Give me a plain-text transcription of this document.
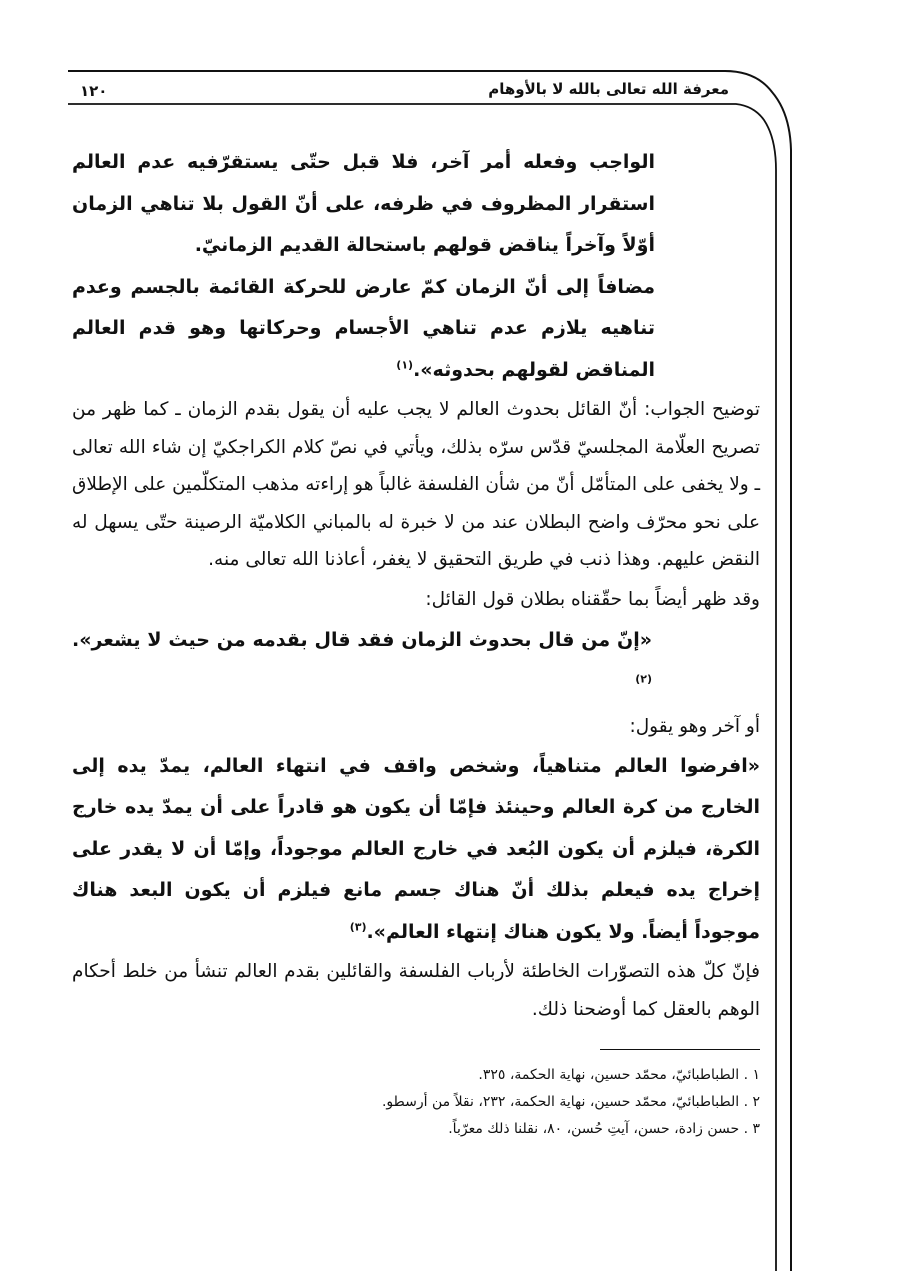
معرفة الله تعالى بالله لا بالأوهام
١٢٠

الواجب وفعله أمر آخر، فلا قبل حتّى يستقرّفيه عدم العالم استقرار المظروف في ظرفه، على أنّ القول بلا تناهي الزمان أوّلاً وآخراً يناقض قولهم باستحالة القديم الزمانيّ.

مضافاً إلى أنّ الزمان كمّ عارض للحركة القائمة بالجسم وعدم تناهيه يلازم عدم تناهي الأجسام وحركاتها وهو قدم العالم المناقض لقولهم بحدوثه».$^{(١)}$

توضيح الجواب: أنّ القائل بحدوث العالم لا يجب عليه أن يقول بقدم الزمان ـ كما ظهر من تصريح العلّامة المجلسيّ قدّس سرّه بذلك، ويأتي في نصّ كلام الكراجكيّ إن شاء الله تعالى ـ ولا يخفى على المتأمّل أنّ من شأن الفلسفة غالباً هو إراءته مذهب المتكلّمين على الإطلاق على نحو محرّف واضح البطلان عند من لا خبرة له بالمباني الكلاميّة الرصينة حتّى يسهل له النقض عليهم. وهذا ذنب في طريق التحقيق لا يغفر، أعاذنا الله تعالى منه.

وقد ظهر أيضاً بما حقّقناه بطلان قول القائل:

«إنّ من قال بحدوث الزمان فقد قال بقدمه من حيث لا يشعر».$^{(٢)}$

أو آخر وهو يقول:

«افرضوا العالم متناهياً، وشخص واقف في انتهاء العالم، يمدّ يده إلى الخارج من كرة العالم وحينئذ فإمّا أن يكون هو قادراً على أن يمدّ يده خارج الكرة، فيلزم أن يكون البُعد في خارج العالم موجوداً، وإمّا أن لا يقدر على إخراج يده فيعلم بذلك أنّ هناك جسم مانع فيلزم أن يكون البعد هناك موجوداً أيضاً. ولا يكون هناك إنتهاء العالم».$^{(٣)}$

فإنّ كلّ هذه التصوّرات الخاطئة لأرباب الفلسفة والقائلين بقدم العالم تنشأ من خلط أحكام الوهم بالعقل كما أوضحنا ذلك.

١ . الطباطبائيّ، محمّد حسين، نهاية الحكمة، ٣٢٥.

٢ . الطباطبائيّ، محمّد حسين، نهاية الحكمة، ٢٣٢، نقلاً من أرسطو.

٣ . حسن زادة، حسن، آيتِ حُسن، ٨٠، نقلنا ذلك معرّباً.
